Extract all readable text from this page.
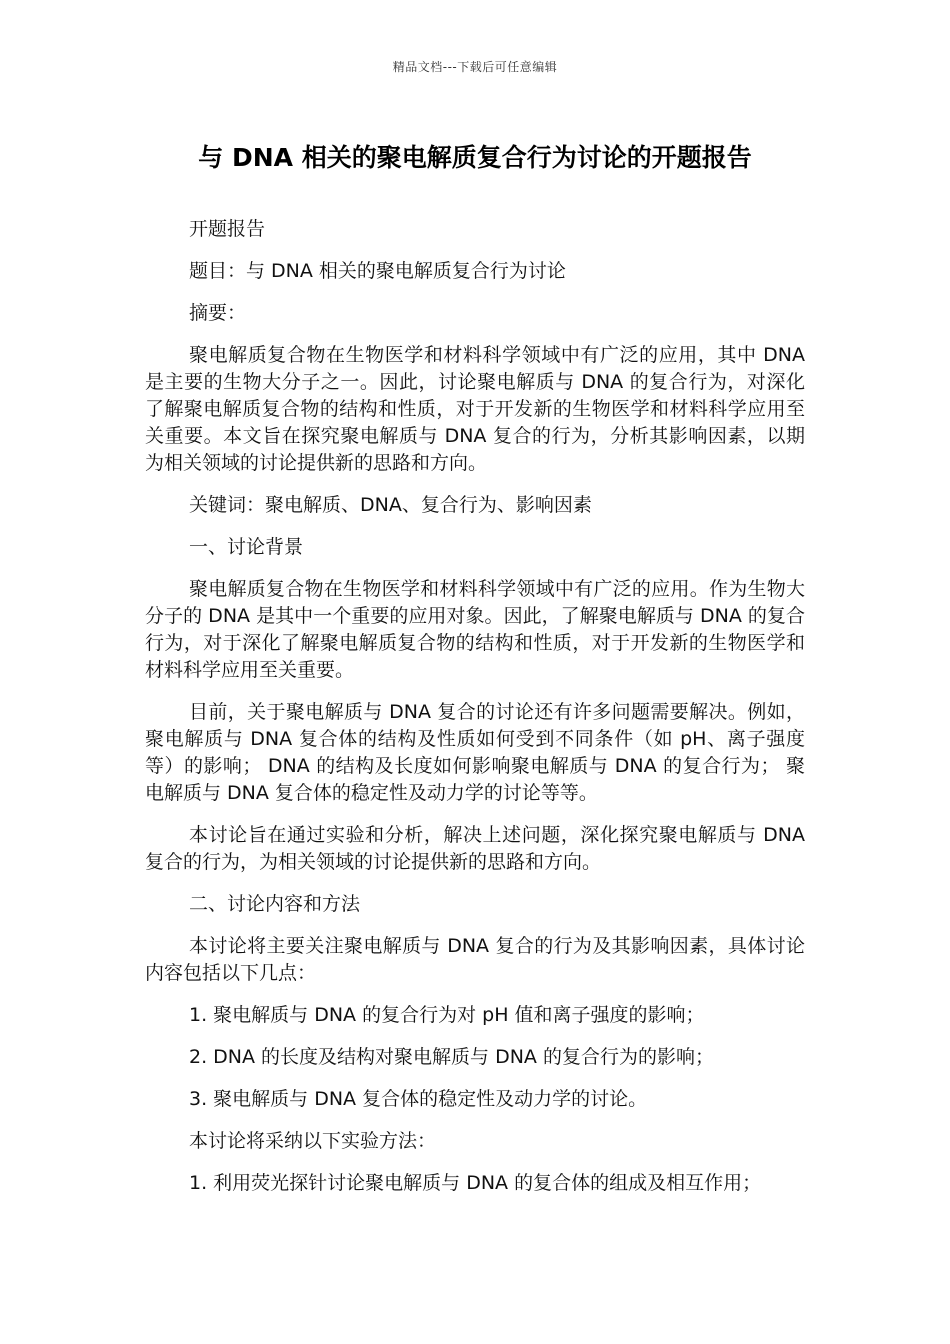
精品文档---下载后可任意编辑
与 DNA 相关的聚电解质复合行为讨论的开题报告

开题报告

题目：与 DNA 相关的聚电解质复合行为讨论

摘要：

聚电解质复合物在生物医学和材料科学领域中有广泛的应用，其中 DNA 是主要的生物大分子之一。因此，讨论聚电解质与 DNA 的复合行为，对深化了解聚电解质复合物的结构和性质，对于开发新的生物医学和材料科学应用至关重要。本文旨在探究聚电解质与 DNA 复合的行为，分析其影响因素，以期为相关领域的讨论提供新的思路和方向。

关键词：聚电解质、DNA、复合行为、影响因素

一、讨论背景

聚电解质复合物在生物医学和材料科学领域中有广泛的应用。作为生物大分子的 DNA 是其中一个重要的应用对象。因此，了解聚电解质与 DNA 的复合行为，对于深化了解聚电解质复合物的结构和性质，对于开发新的生物医学和材料科学应用至关重要。

目前，关于聚电解质与 DNA 复合的讨论还有许多问题需要解决。例如，聚电解质与 DNA 复合体的结构及性质如何受到不同条件（如 pH、离子强度等）的影响； DNA 的结构及长度如何影响聚电解质与 DNA 的复合行为； 聚电解质与 DNA 复合体的稳定性及动力学的讨论等等。

本讨论旨在通过实验和分析，解决上述问题，深化探究聚电解质与 DNA 复合的行为，为相关领域的讨论提供新的思路和方向。

二、讨论内容和方法

本讨论将主要关注聚电解质与 DNA 复合的行为及其影响因素，具体讨论内容包括以下几点：

1. 聚电解质与 DNA 的复合行为对 pH 值和离子强度的影响；

2. DNA 的长度及结构对聚电解质与 DNA 的复合行为的影响；

3. 聚电解质与 DNA 复合体的稳定性及动力学的讨论。

本讨论将采纳以下实验方法：

1. 利用荧光探针讨论聚电解质与 DNA 的复合体的组成及相互作用；
